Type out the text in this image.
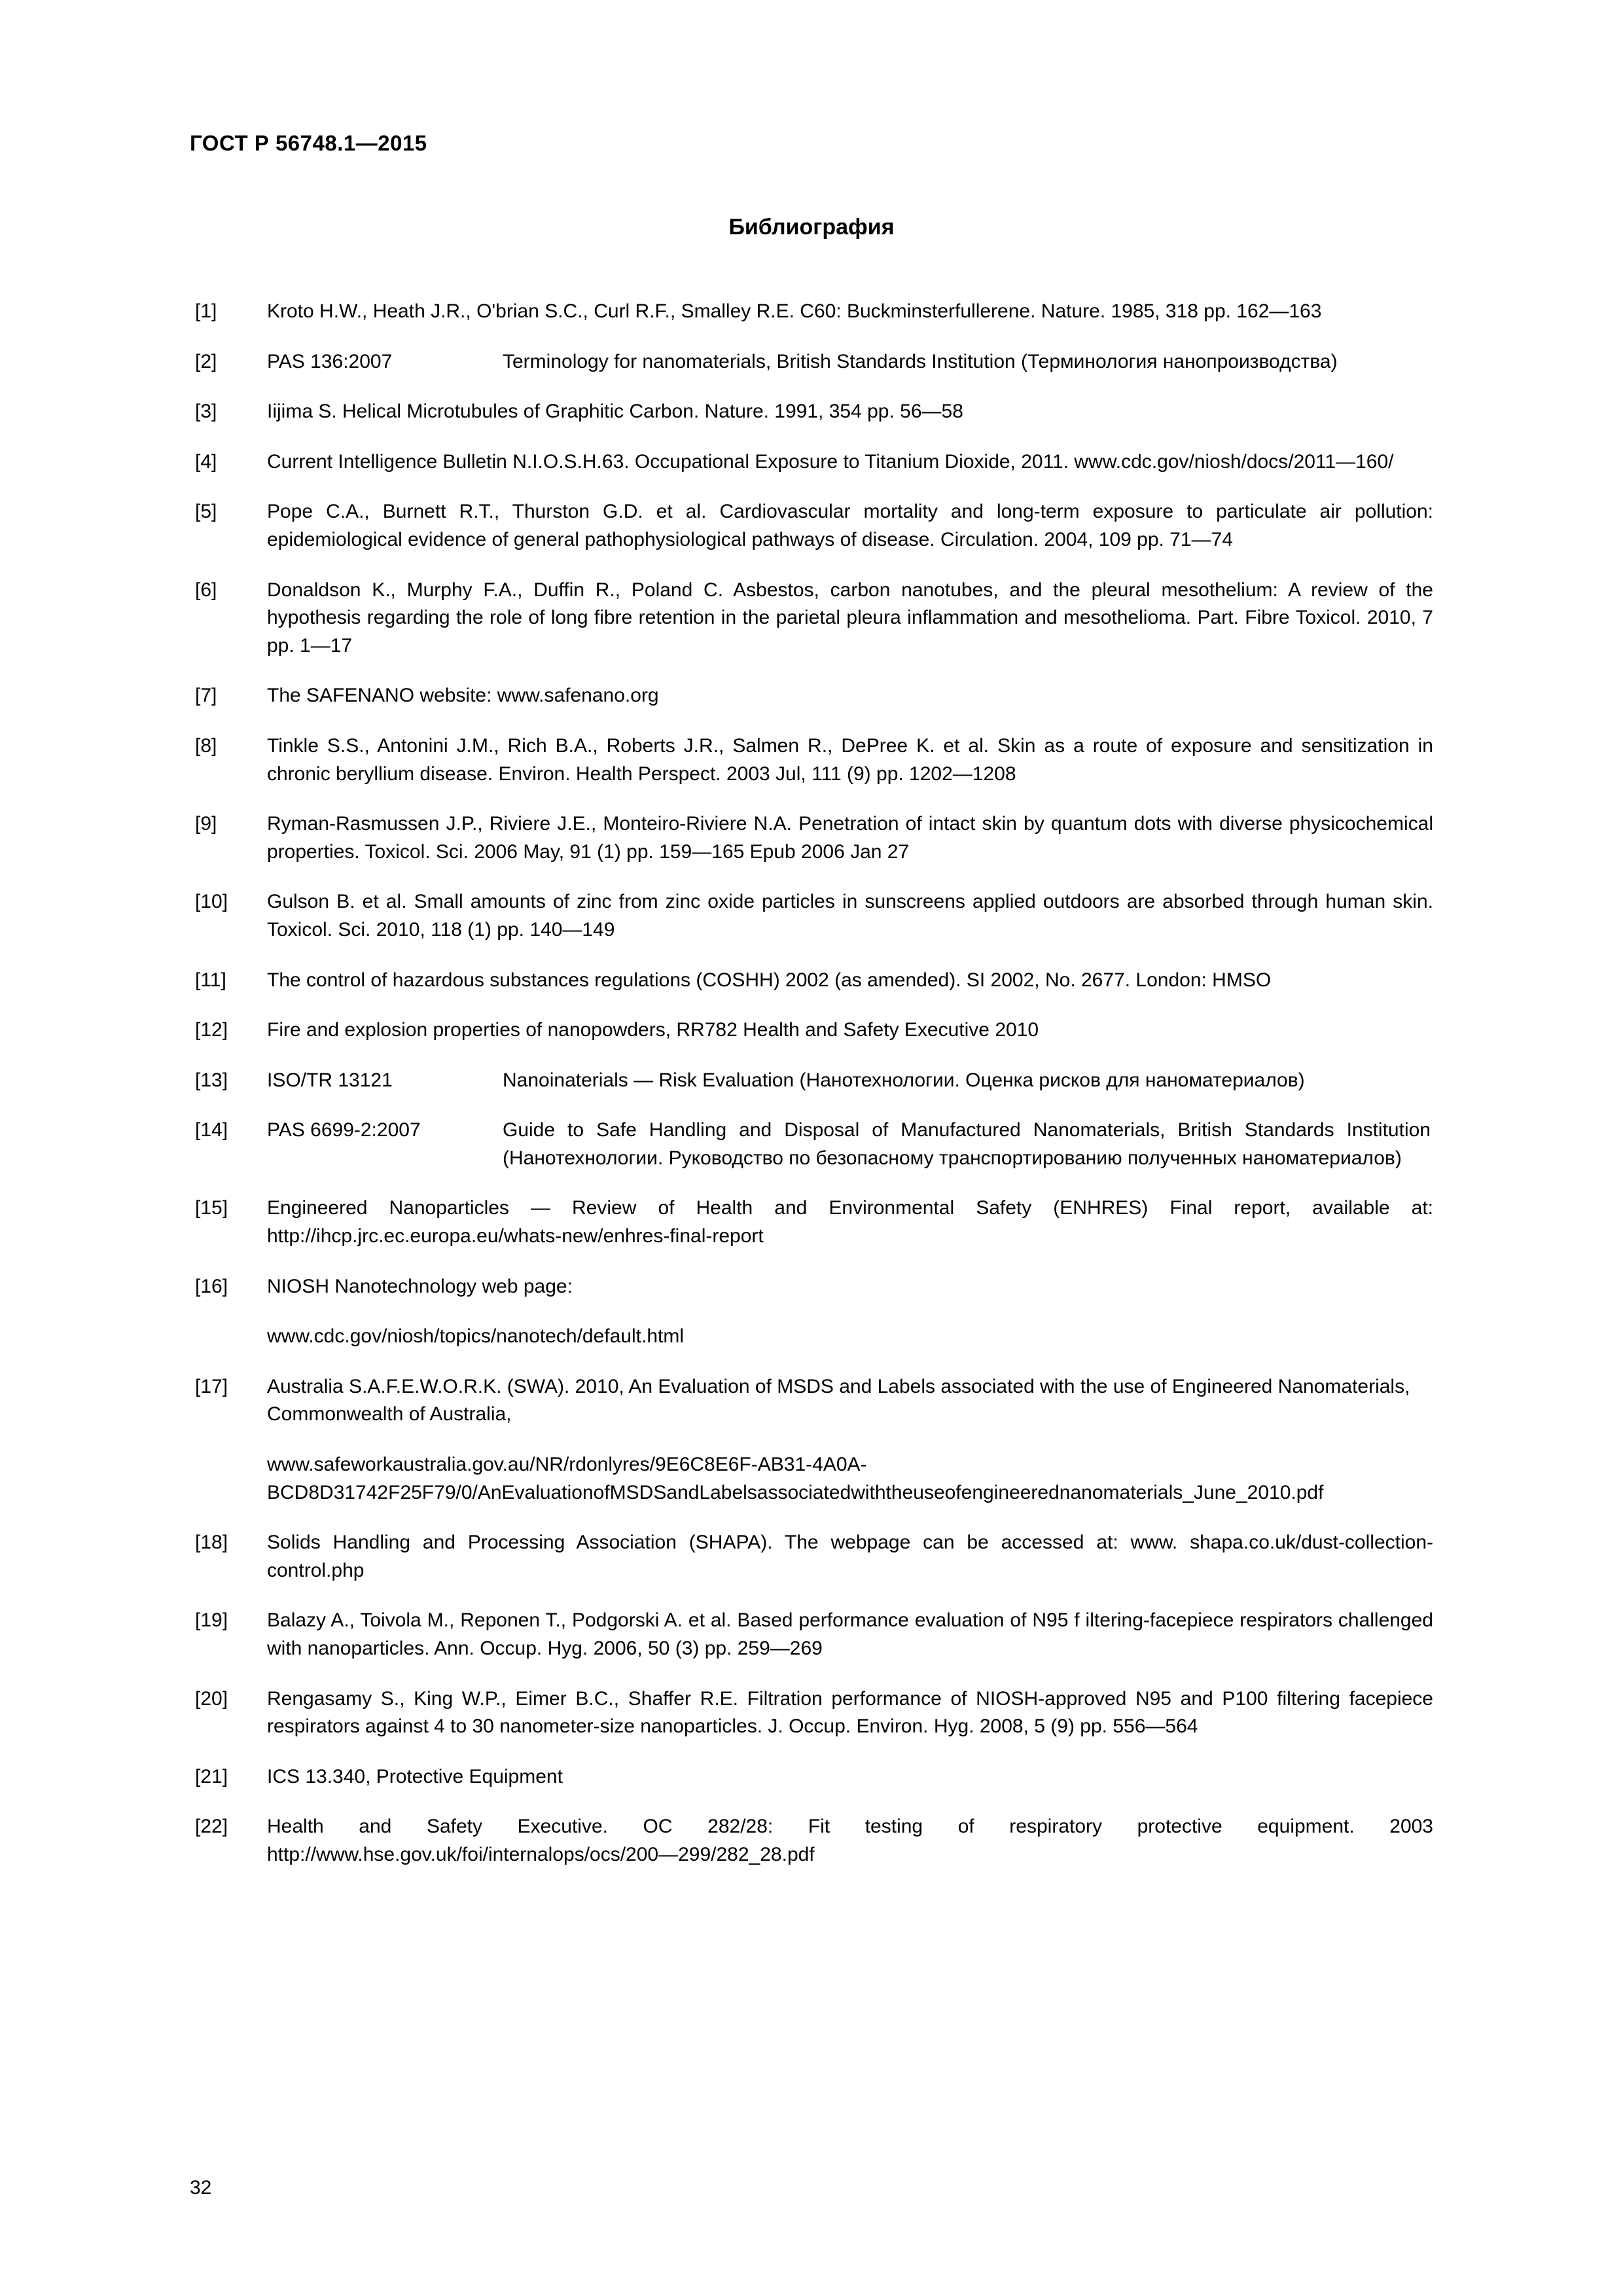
ГОСТ Р 56748.1—2015
Библиография
[1]	Kroto H.W., Heath J.R., O'brian S.C., Curl R.F., Smalley R.E. C60: Buckminsterfullerene. Nature. 1985, 318 pp. 162—163

[2]	PAS 136:2007	Terminology for nanomaterials, British Standards Institution (Терминология нанопроизводства)
[3]	Iijima S. Helical Microtubules of Graphitic Carbon. Nature. 1991, 354 pp. 56—58

[4]	Current Intelligence Bulletin N.I.O.S.H.63. Occupational Exposure to Titanium Dioxide, 2011. www.cdc.gov/niosh/docs/2011—160/

[5]	Pope C.A., Burnett R.T., Thurston G.D. et al. Cardiovascular mortality and long-term exposure to particulate air pollution: epidemiological evidence of general pathophysiological pathways of disease. Circulation. 2004, 109 pp. 71—74

[6]	Donaldson K., Murphy F.A., Duffin R., Poland C. Asbestos, carbon nanotubes, and the pleural mesothelium: A review of the hypothesis regarding the role of long fibre retention in the parietal pleura inflammation and mesothelioma. Part. Fibre Toxicol. 2010, 7 pp. 1—17

[7]	The SAFENANO website: www.safenano.org

[8]	Tinkle S.S., Antonini J.M., Rich B.A., Roberts J.R., Salmen R., DePree K. et al. Skin as a route of exposure and sensitization in chronic beryllium disease. Environ. Health Perspect. 2003 Jul, 111 (9) pp. 1202—1208

[9]	Ryman-Rasmussen J.P., Riviere J.E., Monteiro-Riviere N.A. Penetration of intact skin by quantum dots with diverse physicochemical properties. Toxicol. Sci. 2006 May, 91 (1) pp. 159—165 Epub 2006 Jan 27

[10]	Gulson B. et al. Small amounts of zinc from zinc oxide particles in sunscreens applied outdoors are absorbed through human skin. Toxicol. Sci. 2010, 118 (1) pp. 140—149

[11]	The control of hazardous substances regulations (COSHH) 2002 (as amended). SI 2002, No. 2677. London: HMSO

[12]	Fire and explosion properties of nanopowders, RR782 Health and Safety Executive 2010

[13]	ISO/TR 13121	Nanoinaterials — Risk Evaluation (Нанотехнологии. Оценка рисков для наноматериалов)
[14]	PAS 6699-2:2007	Guide to Safe Handling and Disposal of Manufactured Nanomaterials, British Standards Institution (Нанотехнологии. Руководство по безопасному транспортированию полученных наноматериалов)
[15]	Engineered Nanoparticles — Review of Health and Environmental Safety (ENHRES) Final report, available at: http://ihcp.jrc.ec.europa.eu/whats-new/enhres-final-report

[16]	NIOSH Nanotechnology web page:

www.cdc.gov/niosh/topics/nanotech/default.html

[17]	Australia S.A.F.E.W.O.R.K. (SWA). 2010, An Evaluation of MSDS and Labels associated with the use of Engineered Nanomaterials, Commonwealth of Australia,

www.safeworkaustralia.gov.au/NR/rdonlyres/9E6C8E6F-AB31-4A0A-BCD8D31742F25F79/0/AnEvaluationofMSDSandLabelsassociatedwiththeuseofengineerednanomaterials_June_2010.pdf

[18]	Solids Handling and Processing Association (SHAPA). The webpage can be accessed at: www. shapa.co.uk/dust-collection-control.php

[19]	Balazy A., Toivola M., Reponen T., Podgorski A. et al. Based performance evaluation of N95 f iltering-facepiece respirators challenged with nanoparticles. Ann. Occup. Hyg. 2006, 50 (3) pp. 259—269

[20]	Rengasamy S., King W.P., Eimer B.C., Shaffer R.E. Filtration performance of NIOSH-approved N95 and P100 filtering facepiece respirators against 4 to 30 nanometer-size nanoparticles. J. Occup. Environ. Hyg. 2008, 5 (9) pp. 556—564

[21]	ICS 13.340, Protective Equipment

[22]	Health and Safety Executive. OC 282/28: Fit testing of respiratory protective equipment. 2003 http://www.hse.gov.uk/foi/internalops/ocs/200—299/282_28.pdf

32
